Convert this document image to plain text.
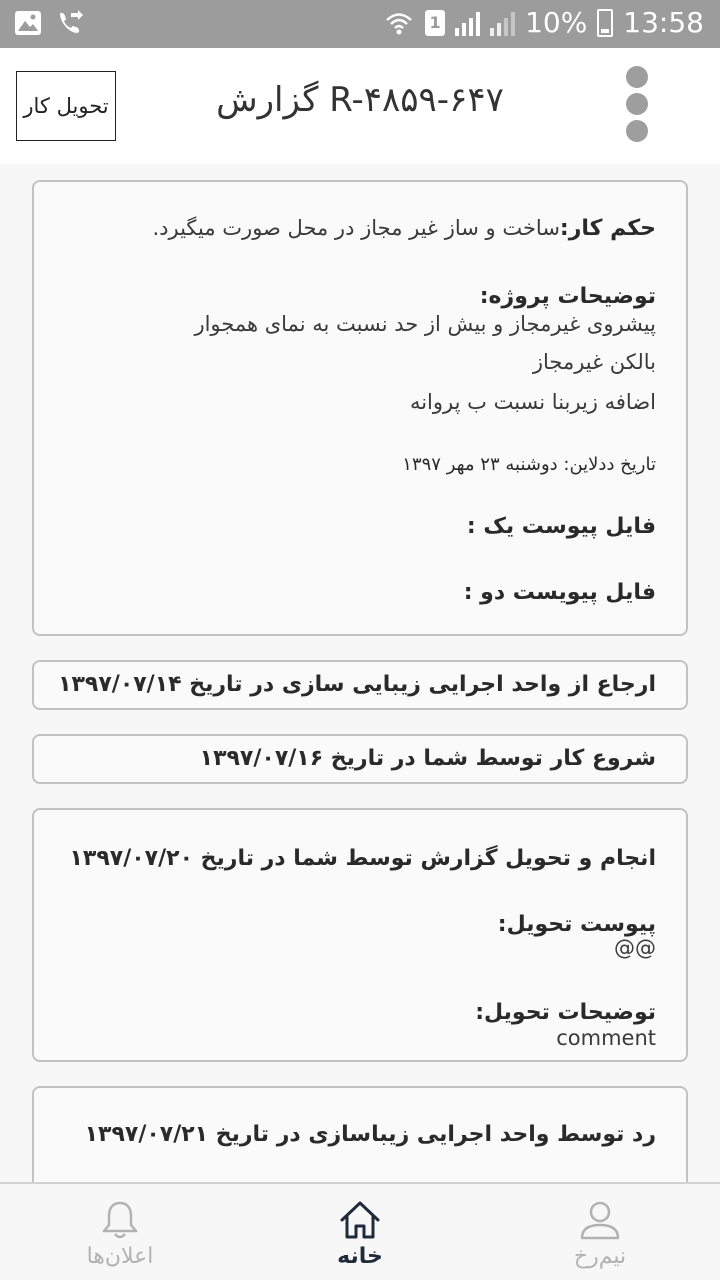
1	10% 13:58
تحویل کار	گزارش R-۴۸۵۹-۶۴۷
حکم کار:ساخت و ساز غیر مجاز در محل صورت میگیرد.
توضیحات پروژه:
پیشروی غیرمجاز و بیش از حد نسبت به نمای همجوار
بالکن غیرمجاز
اضافه زیربنا نسبت ب پروانه
تاریخ ددلاین: دوشنبه ۲۳ مهر ۱۳۹۷
فایل پیوست یک :
فایل پیویست دو :
ارجاع از واحد اجرایی زیبایی سازی در تاریخ ۱۳۹۷/۰۷/۱۴
شروع کار توسط شما در تاریخ ۱۳۹۷/۰۷/۱۶
انجام و تحویل گزارش توسط شما در تاریخ ۱۳۹۷/۰۷/۲۰
پیوست تحویل:
@@
توضیحات تحویل:
comment
رد توسط واحد اجرایی زیباسازی در تاریخ ۱۳۹۷/۰۷/۲۱
اعلان‌ها	خانه	نیم‌رخ
